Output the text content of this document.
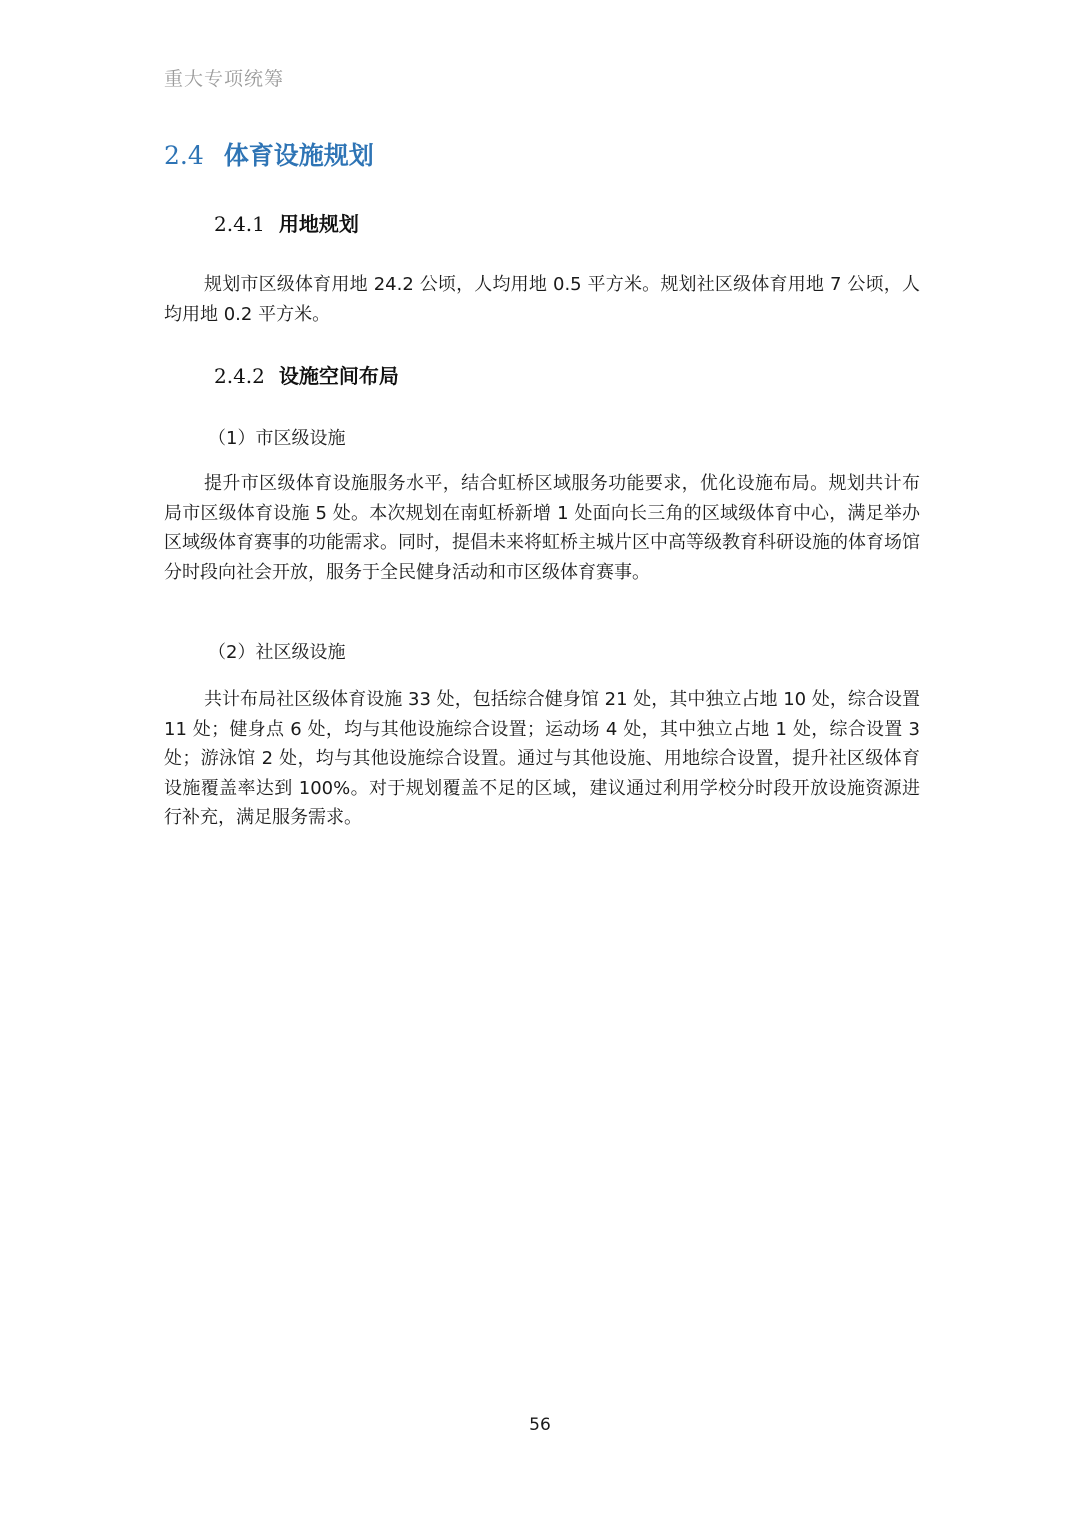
重大专项统筹
2.4 体育设施规划
2.4.1 用地规划

规划市区级体育用地 24.2 公顷，人均用地 0.5 平方米。规划社区级体育用地 7 公顷，人均用地 0.2 平方米。

2.4.2 设施空间布局
（1）市区级设施

提升市区级体育设施服务水平，结合虹桥区域服务功能要求，优化设施布局。规划共计布局市区级体育设施 5 处。本次规划在南虹桥新增 1 处面向长三角的区域级体育中心，满足举办区域级体育赛事的功能需求。同时，提倡未来将虹桥主城片区中高等级教育科研设施的体育场馆分时段向社会开放，服务于全民健身活动和市区级体育赛事。

（2）社区级设施

共计布局社区级体育设施 33 处，包括综合健身馆 21 处，其中独立占地 10 处，综合设置 11 处；健身点 6 处，均与其他设施综合设置；运动场 4 处，其中独立占地 1 处，综合设置 3 处；游泳馆 2 处，均与其他设施综合设置。通过与其他设施、用地综合设置，提升社区级体育设施覆盖率达到 100%。对于规划覆盖不足的区域，建议通过利用学校分时段开放设施资源进行补充，满足服务需求。

56
